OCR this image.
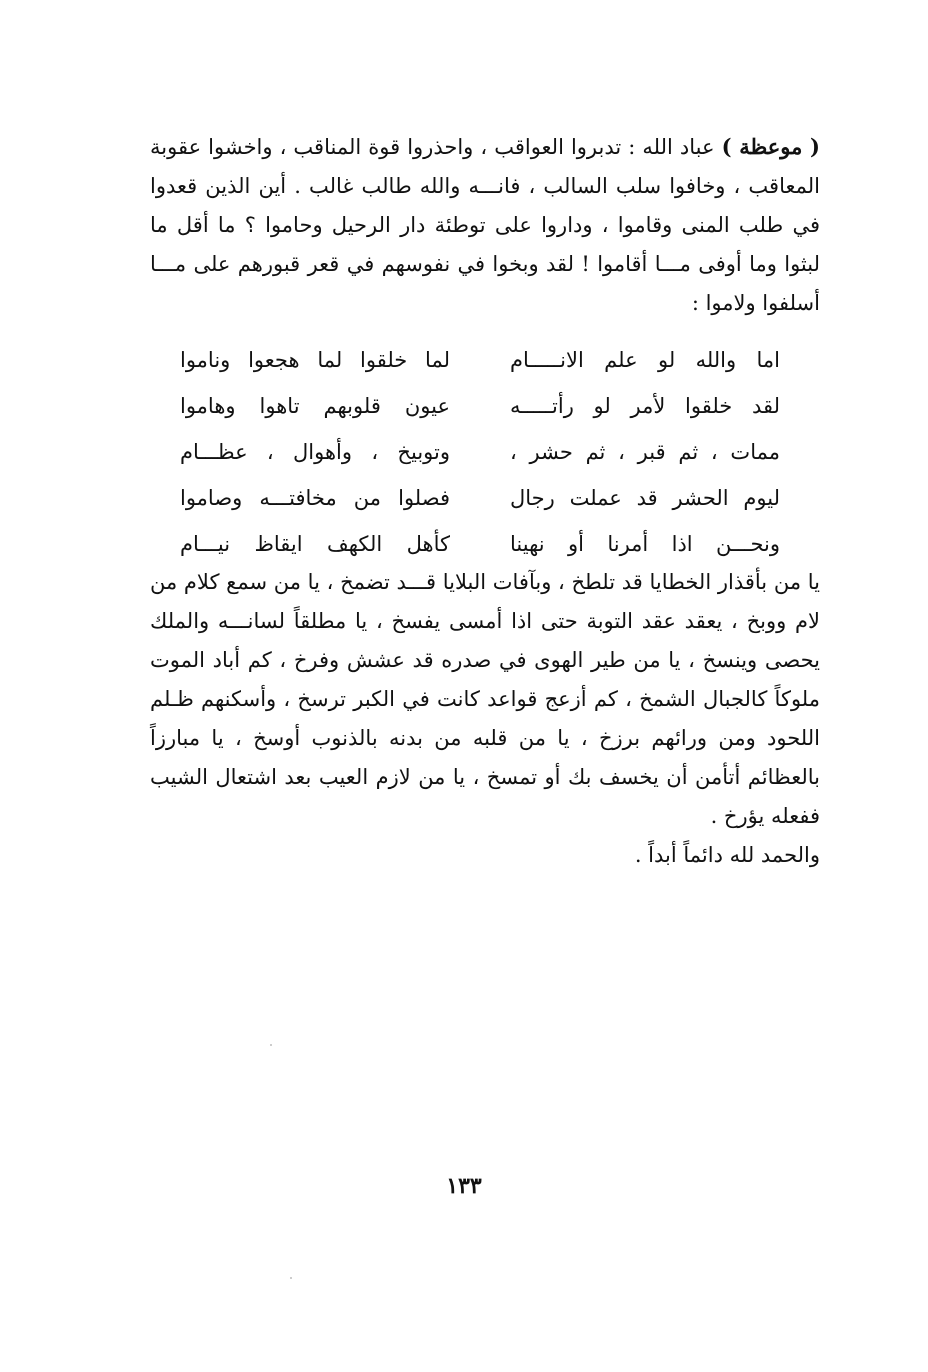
( موعظة ) عباد الله : تدبروا العواقب ، واحذروا قوة المناقب ، واخشوا عقوبة المعاقب ، وخافوا سلب السالب ، فانـــه والله طالب غالب . أين الذين قعدوا في طلب المنى وقاموا ، وداروا على توطئة دار الرحيل وحاموا ؟ ما أقل ما لبثوا وما أوفى مـــا أقاموا ! لقد وبخوا في نفوسهم في قعر قبورهم على مـــا أسلفوا ولاموا :

اما والله لو علم الانـــــام
لما خلقوا لما هجعوا وناموا
لقد خلقوا لأمر لو رأتـــــه
عيون قلوبهم تاهوا وهاموا
ممات ، ثم قبر ، ثم حشر ،
وتوبيخ ، وأهوال ، عظـــام
ليوم الحشر قد عملت رجال
فصلوا من مخافتـــه وصاموا
ونحـــن اذا أمرنا أو نهينا
كأهل الكهف ايقاظ نيـــام

يا من بأقذار الخطايا قد تلطخ ، وبآفات البلايا قـــد تضمخ ، يا من سمع كلام من لام ووبخ ، يعقد عقد التوبة حتى اذا أمسى يفسخ ، يا مطلقاً لسانـــه والملك يحصى وينسخ ، يا من طير الهوى في صدره قد عشش وفرخ ، كم أباد الموت ملوكاً كالجبال الشمخ ، كم أزعج قواعد كانت في الكبر ترسخ ، وأسكنهم ظـلم اللحود ومن ورائهم برزخ ، يا من قلبه من بدنه بالذنوب أوسخ ، يا مبارزاً بالعظائم أتأمن أن يخسف بك أو تمسخ ، يا من لازم العيب بعد اشتعال الشيب ففعله يؤرخ .

والحمد لله دائماً أبداً .

١٣٣
